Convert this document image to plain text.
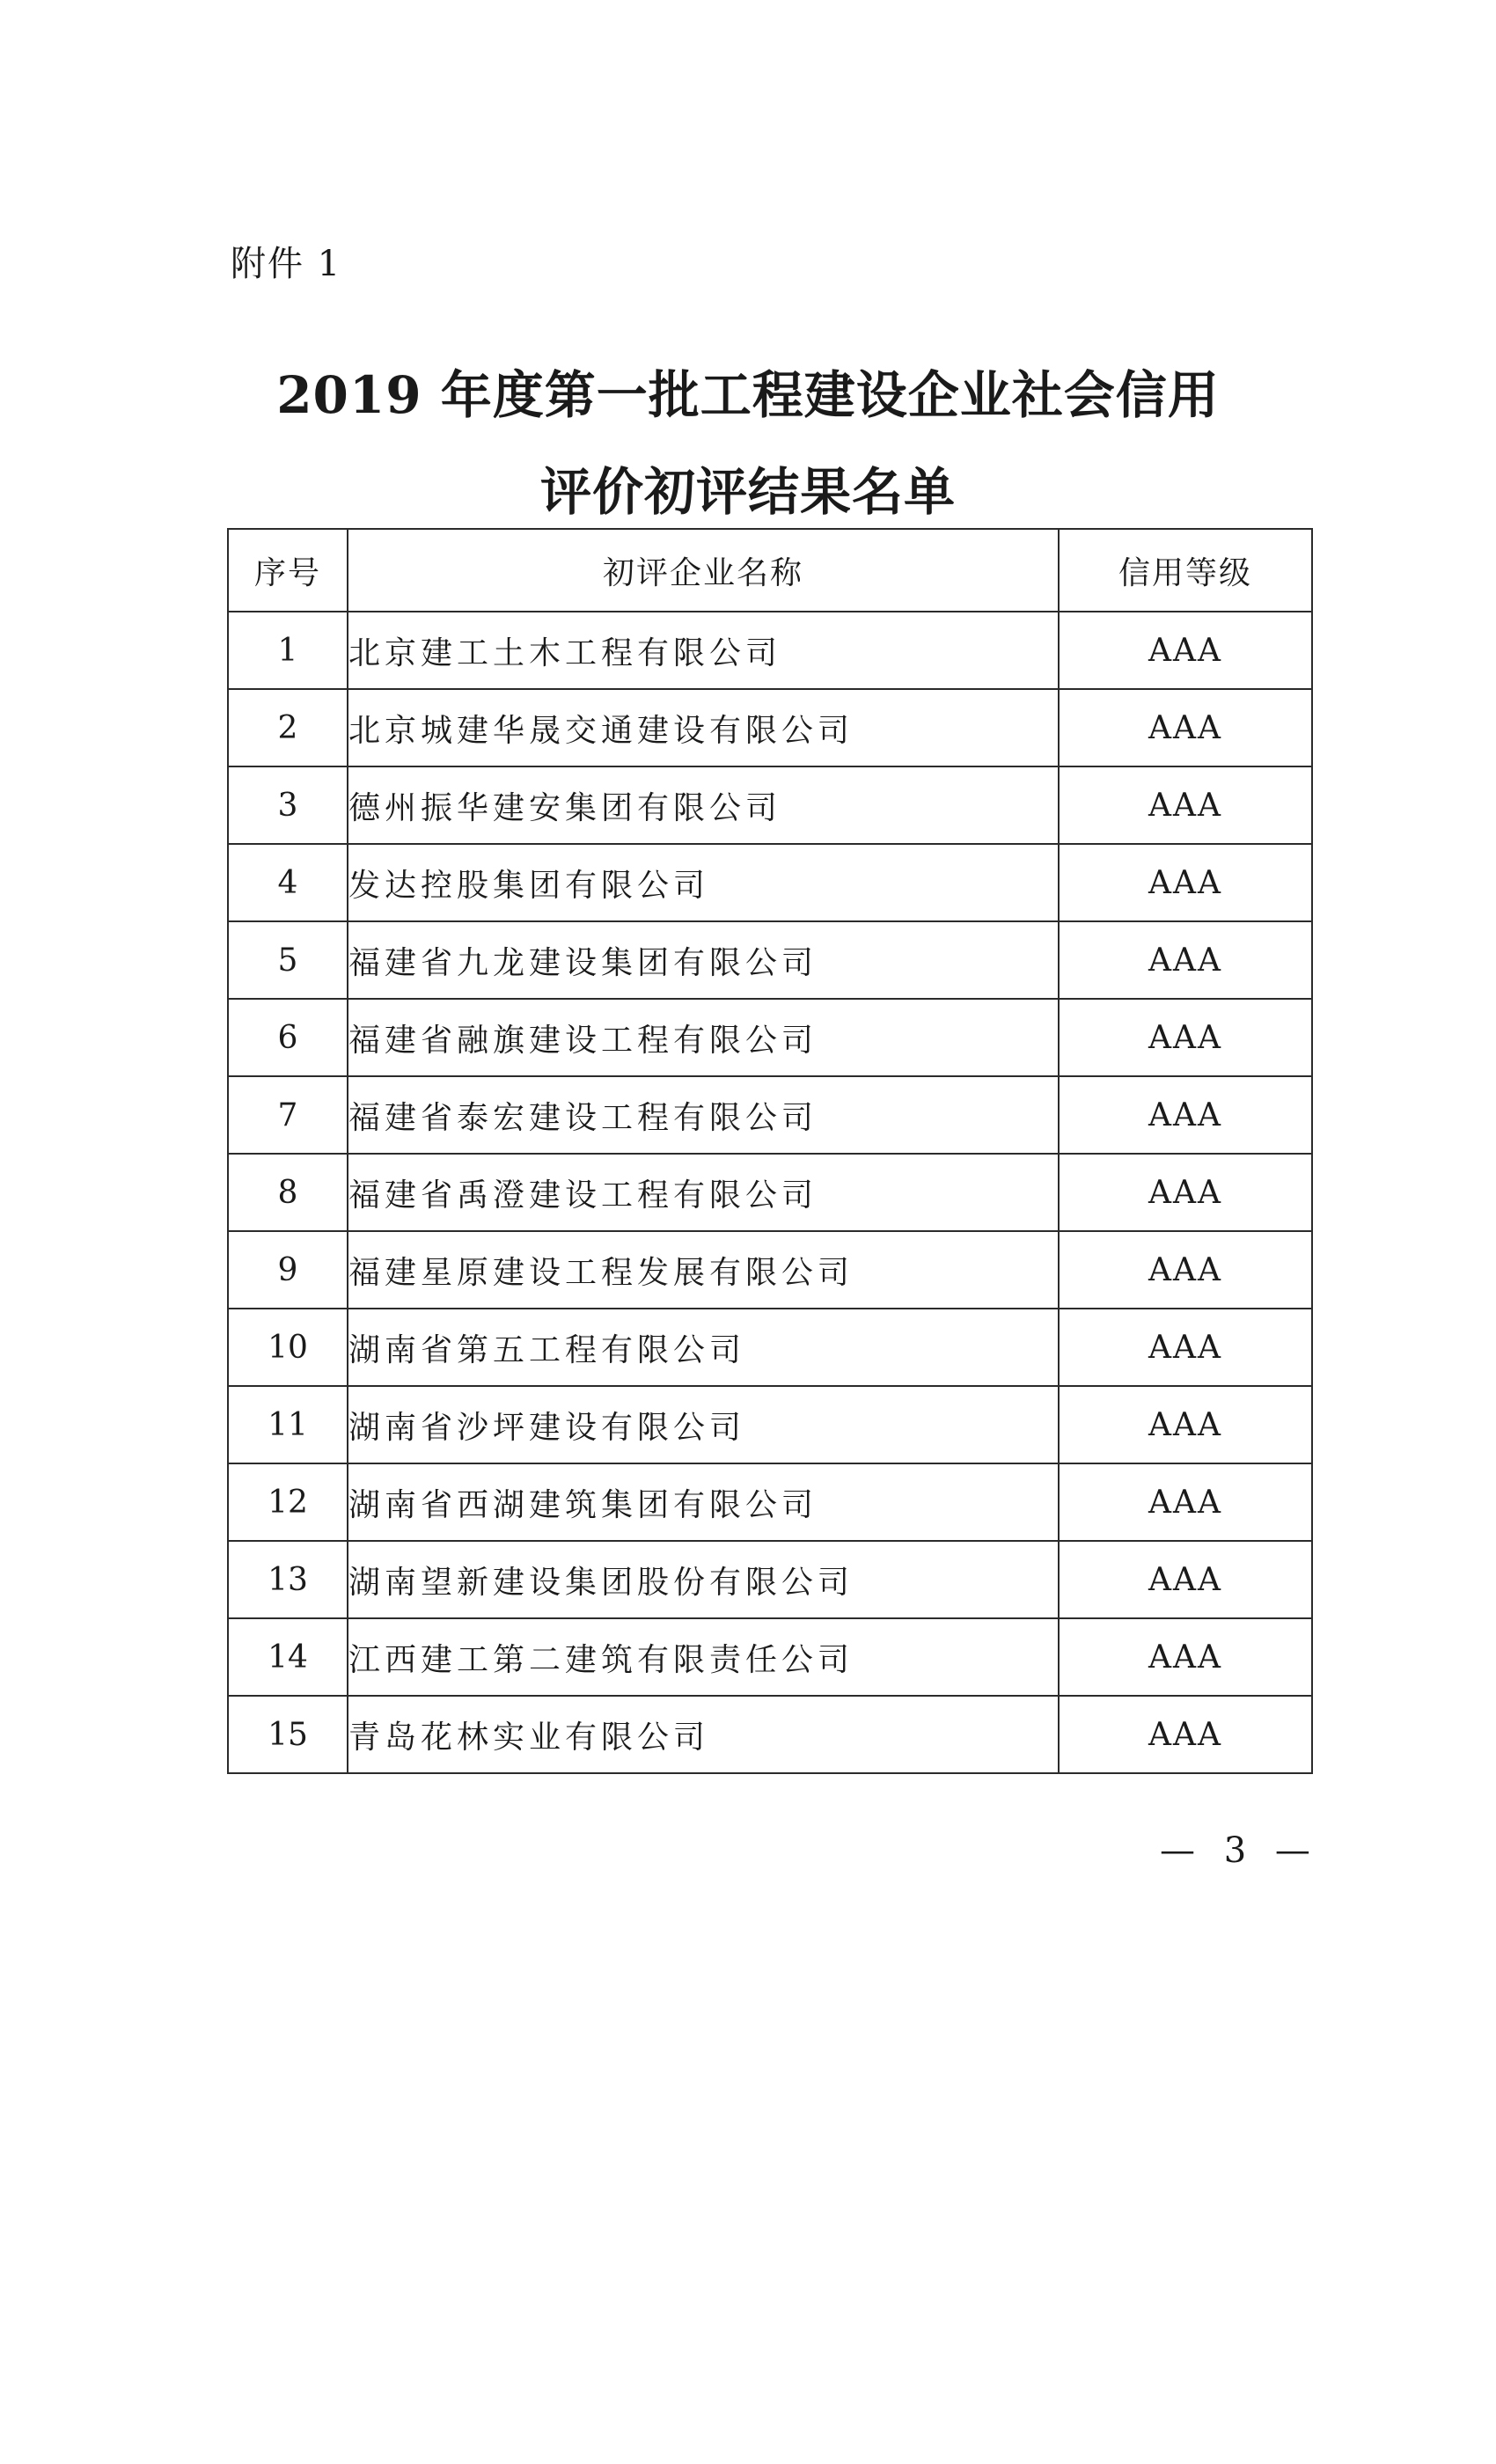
附件 1
2019 年度第一批工程建设企业社会信用
评价初评结果名单
序号	初评企业名称	信用等级
1	北京建工土木工程有限公司	AAA
2	北京城建华晟交通建设有限公司	AAA
3	德州振华建安集团有限公司	AAA
4	发达控股集团有限公司	AAA
5	福建省九龙建设集团有限公司	AAA
6	福建省融旗建设工程有限公司	AAA
7	福建省泰宏建设工程有限公司	AAA
8	福建省禹澄建设工程有限公司	AAA
9	福建星原建设工程发展有限公司	AAA
10	湖南省第五工程有限公司	AAA
11	湖南省沙坪建设有限公司	AAA
12	湖南省西湖建筑集团有限公司	AAA
13	湖南望新建设集团股份有限公司	AAA
14	江西建工第二建筑有限责任公司	AAA
15	青岛花林实业有限公司	AAA
— 3 —
